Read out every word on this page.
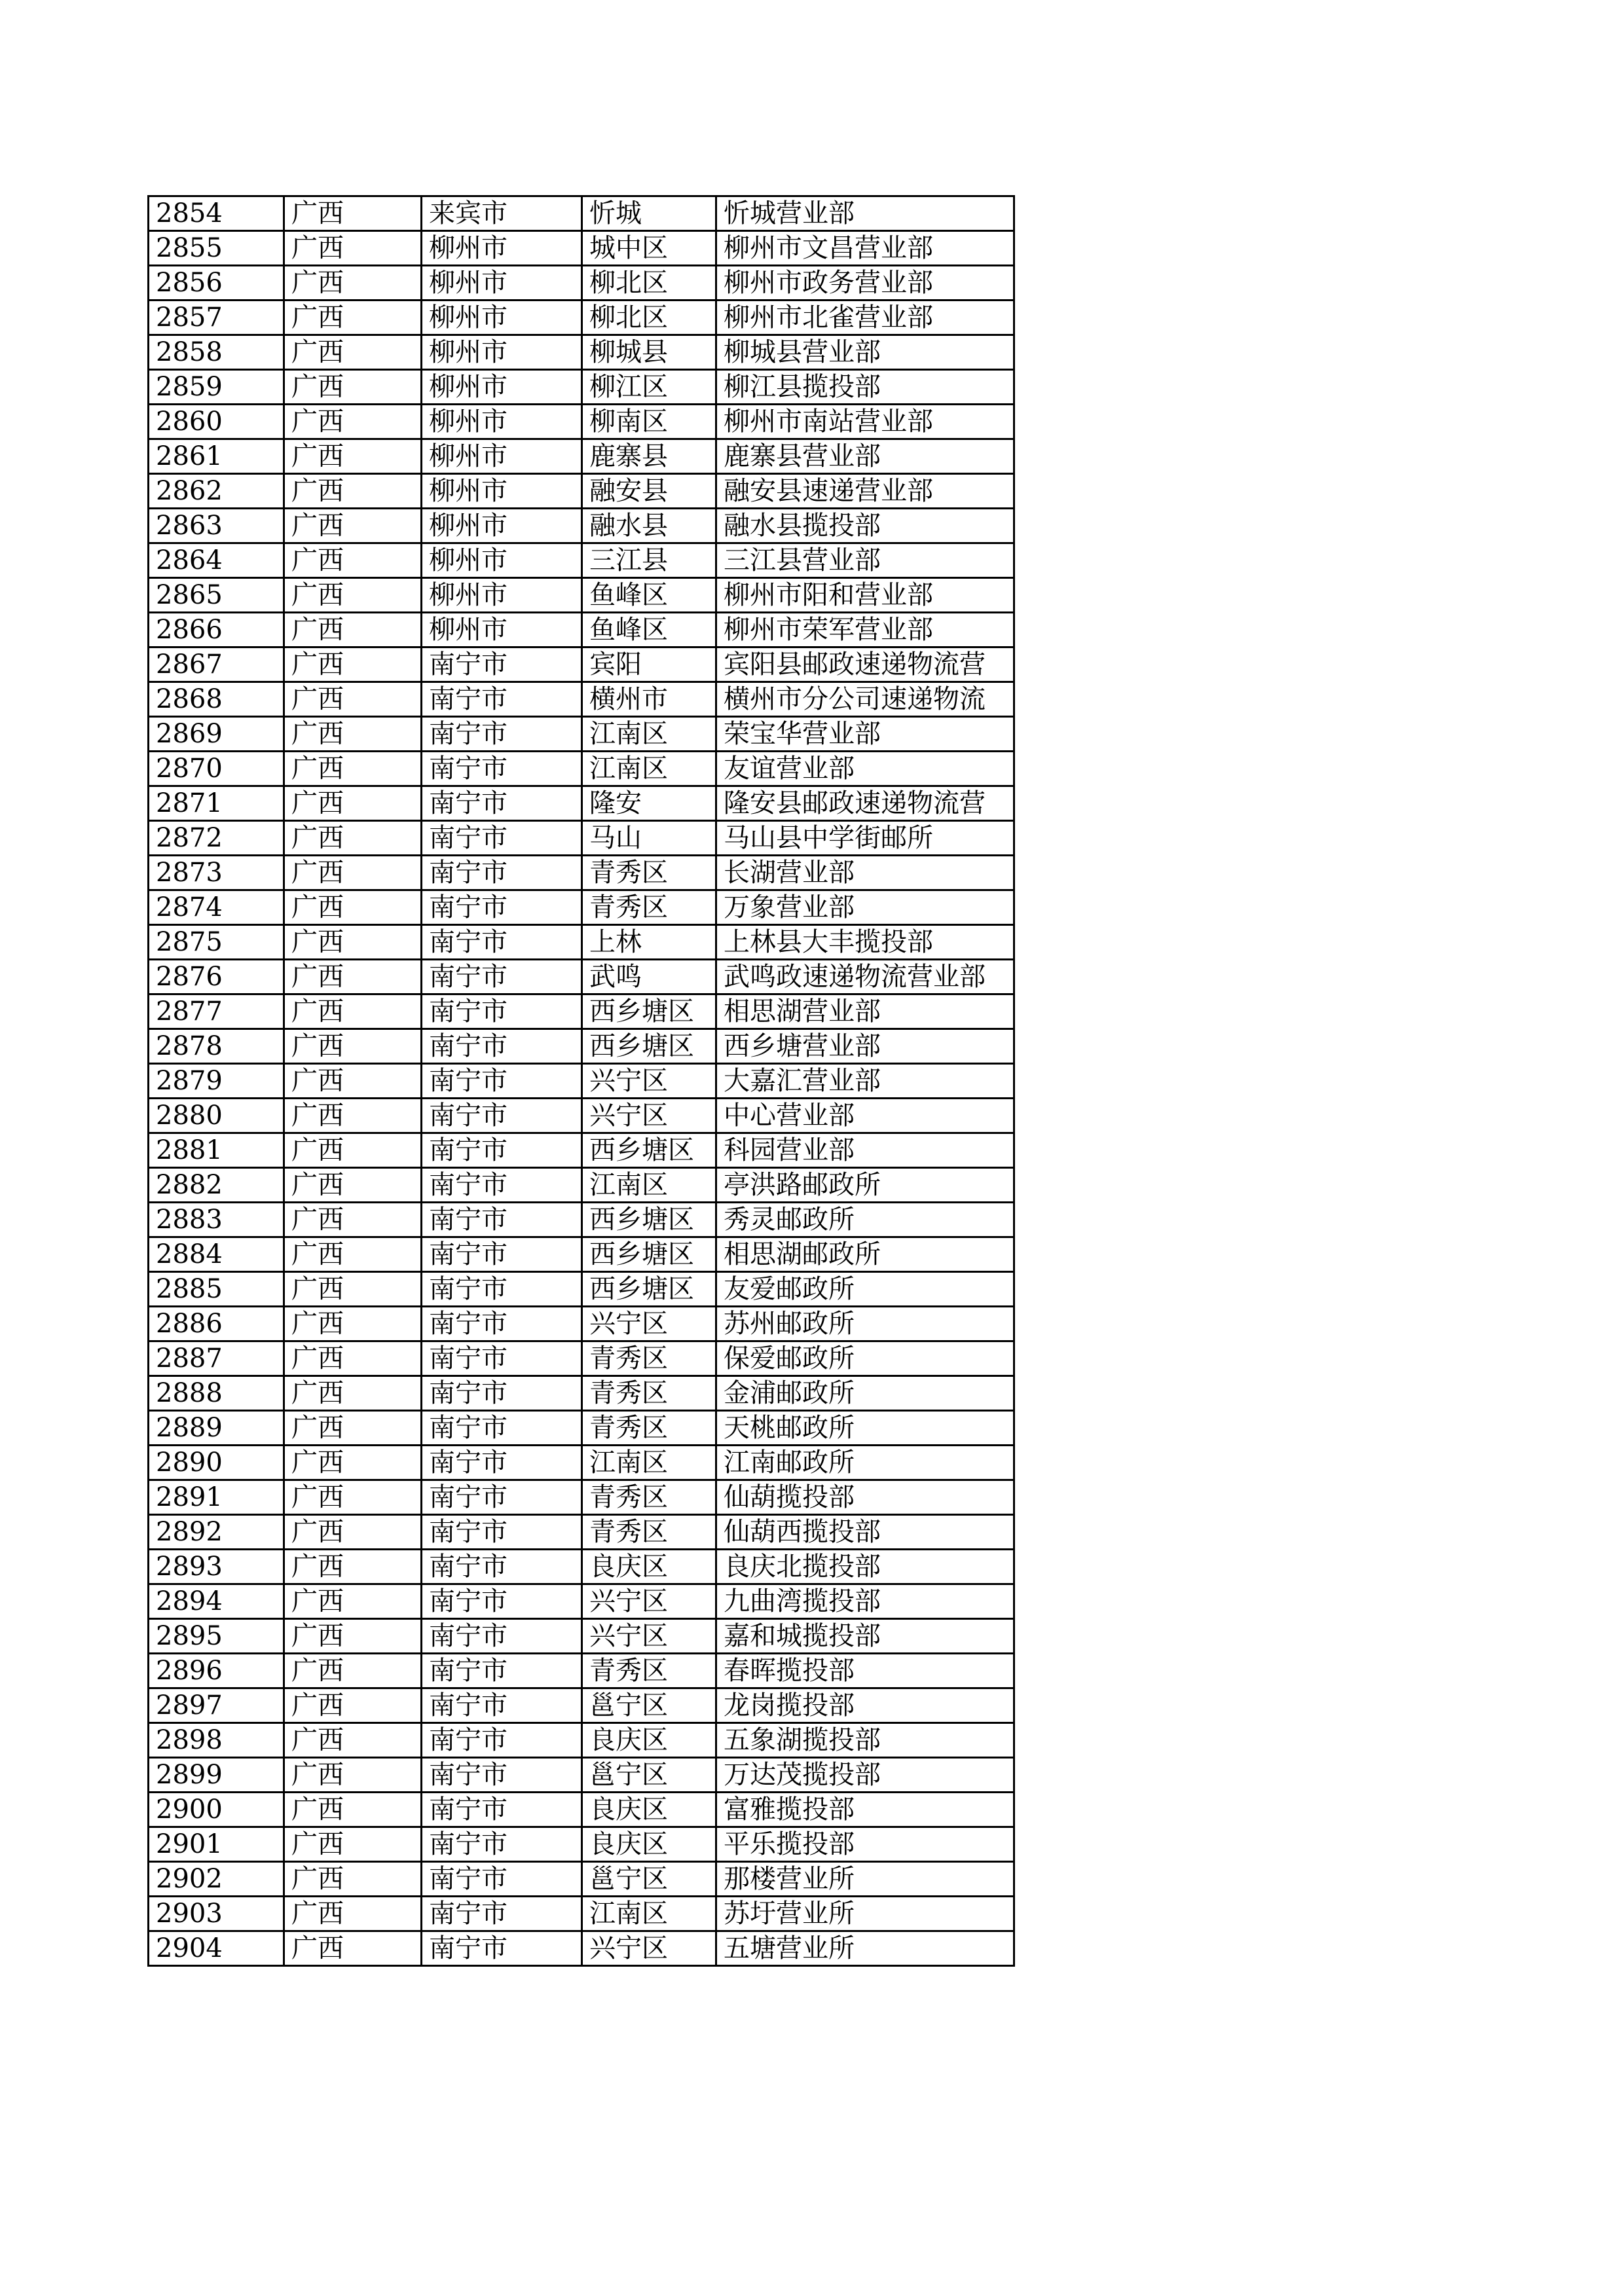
2854	广西	来宾市	忻城	忻城营业部
2855	广西	柳州市	城中区	柳州市文昌营业部
2856	广西	柳州市	柳北区	柳州市政务营业部
2857	广西	柳州市	柳北区	柳州市北雀营业部
2858	广西	柳州市	柳城县	柳城县营业部
2859	广西	柳州市	柳江区	柳江县揽投部
2860	广西	柳州市	柳南区	柳州市南站营业部
2861	广西	柳州市	鹿寨县	鹿寨县营业部
2862	广西	柳州市	融安县	融安县速递营业部
2863	广西	柳州市	融水县	融水县揽投部
2864	广西	柳州市	三江县	三江县营业部
2865	广西	柳州市	鱼峰区	柳州市阳和营业部
2866	广西	柳州市	鱼峰区	柳州市荣军营业部
2867	广西	南宁市	宾阳	宾阳县邮政速递物流营
2868	广西	南宁市	横州市	横州市分公司速递物流
2869	广西	南宁市	江南区	荣宝华营业部
2870	广西	南宁市	江南区	友谊营业部
2871	广西	南宁市	隆安	隆安县邮政速递物流营
2872	广西	南宁市	马山	马山县中学街邮所
2873	广西	南宁市	青秀区	长湖营业部
2874	广西	南宁市	青秀区	万象营业部
2875	广西	南宁市	上林	上林县大丰揽投部
2876	广西	南宁市	武鸣	武鸣政速递物流营业部
2877	广西	南宁市	西乡塘区	相思湖营业部
2878	广西	南宁市	西乡塘区	西乡塘营业部
2879	广西	南宁市	兴宁区	大嘉汇营业部
2880	广西	南宁市	兴宁区	中心营业部
2881	广西	南宁市	西乡塘区	科园营业部
2882	广西	南宁市	江南区	亭洪路邮政所
2883	广西	南宁市	西乡塘区	秀灵邮政所
2884	广西	南宁市	西乡塘区	相思湖邮政所
2885	广西	南宁市	西乡塘区	友爱邮政所
2886	广西	南宁市	兴宁区	苏州邮政所
2887	广西	南宁市	青秀区	保爱邮政所
2888	广西	南宁市	青秀区	金浦邮政所
2889	广西	南宁市	青秀区	天桃邮政所
2890	广西	南宁市	江南区	江南邮政所
2891	广西	南宁市	青秀区	仙葫揽投部
2892	广西	南宁市	青秀区	仙葫西揽投部
2893	广西	南宁市	良庆区	良庆北揽投部
2894	广西	南宁市	兴宁区	九曲湾揽投部
2895	广西	南宁市	兴宁区	嘉和城揽投部
2896	广西	南宁市	青秀区	春晖揽投部
2897	广西	南宁市	邕宁区	龙岗揽投部
2898	广西	南宁市	良庆区	五象湖揽投部
2899	广西	南宁市	邕宁区	万达茂揽投部
2900	广西	南宁市	良庆区	富雅揽投部
2901	广西	南宁市	良庆区	平乐揽投部
2902	广西	南宁市	邕宁区	那楼营业所
2903	广西	南宁市	江南区	苏圩营业所
2904	广西	南宁市	兴宁区	五塘营业所
